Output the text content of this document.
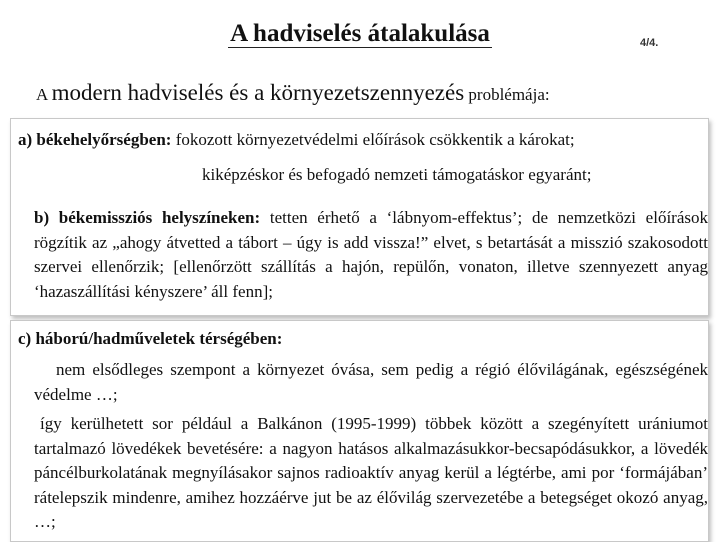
A hadviselés átalakulása	4/4.

A modern hadviselés és a környezetszennyezés problémája:

a) békehelyőrségben: fokozott környezetvédelmi előírások csökkentik a károkat;

kiképzéskor és befogadó nemzeti támogatáskor egyaránt;

b) békemissziós helyszíneken: tetten érhető a ‘lábnyom-effektus’; de nemzetközi előírások rögzítik az „ahogy átvetted a tábort – úgy is add vissza!” elvet, s betartását a misszió szakosodott szervei ellenőrzik; [ellenőrzött szállítás a hajón, repülőn, vonaton, illetve szennyezett anyag ‘hazaszállítási kényszere’ áll fenn];

c) háború/hadműveletek térségében:

nem elsődleges szempont a környezet óvása, sem pedig a régió élővilágának, egészségének védelme …;

így kerülhetett sor például a Balkánon (1995-1999) többek között a szegényített urániumot tartalmazó lövedékek bevetésére: a nagyon hatásos alkalmazásukkor-becsapódásukkor, a lövedék páncélburkolatának megnyílásakor sajnos radioaktív anyag kerül a légtérbe, ami por ‘formájában’ rátelepszik mindenre, amihez hozzáérve jut be az élővilág szervezetébe a betegséget okozó anyag, …;
